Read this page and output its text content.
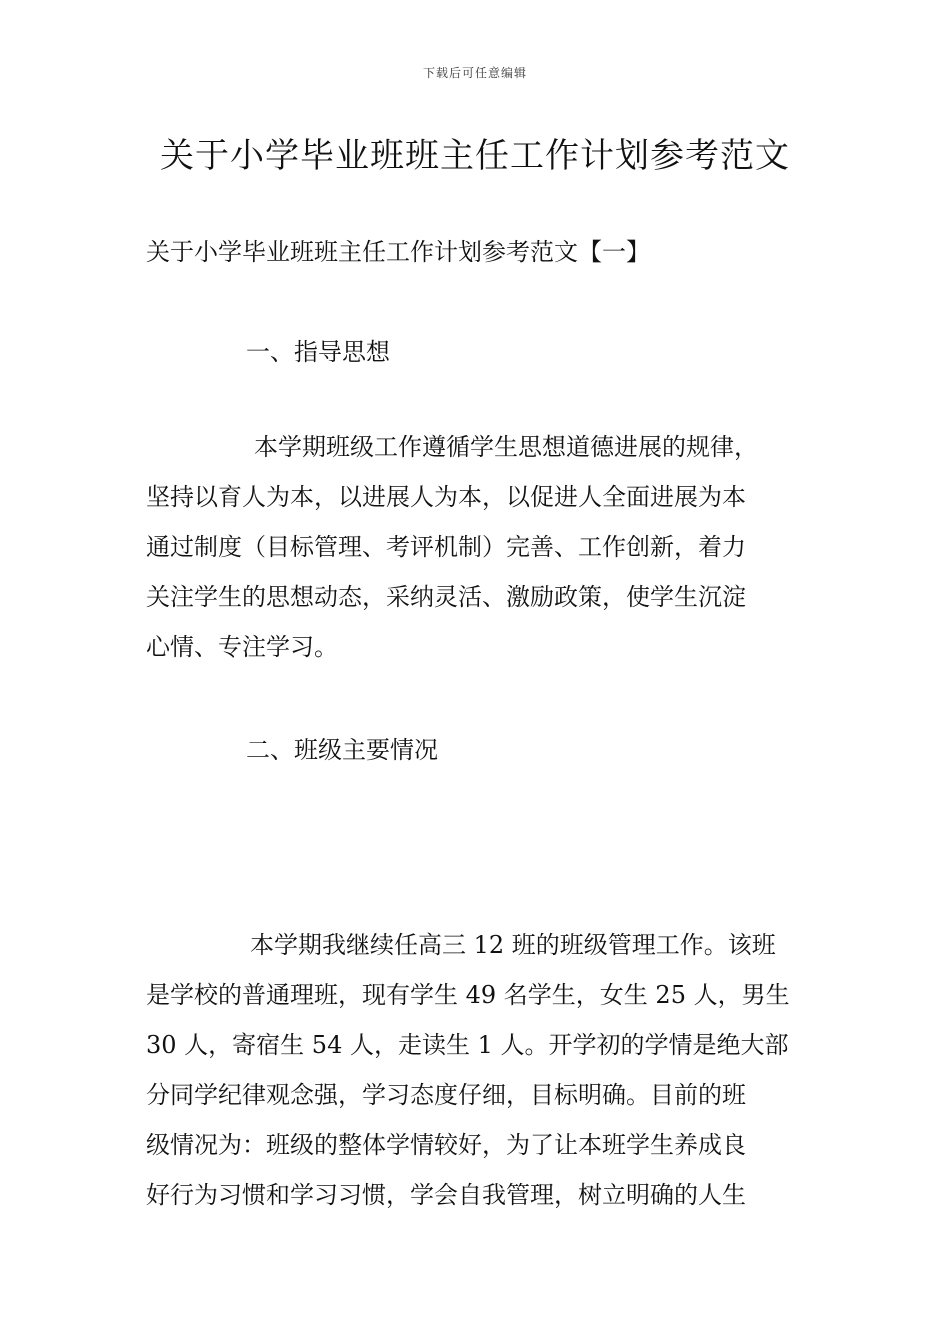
下载后可任意编辑
关于小学毕业班班主任工作计划参考范文
关于小学毕业班班主任工作计划参考范文【一】
一、指导思想
本学期班级工作遵循学生思想道德进展的规律，
坚持以育人为本，以进展人为本，以促进人全面进展为本
通过制度（目标管理、考评机制）完善、工作创新，着力
关注学生的思想动态，采纳灵活、激励政策，使学生沉淀
心情、专注学习。
二、班级主要情况
本学期我继续任高三 12 班的班级管理工作。该班
是学校的普通理班，现有学生 49 名学生，女生 25 人，男生
30 人，寄宿生 54 人，走读生 1 人。开学初的学情是绝大部
分同学纪律观念强，学习态度仔细，目标明确。目前的班
级情况为：班级的整体学情较好，为了让本班学生养成良
好行为习惯和学习习惯，学会自我管理，树立明确的人生
